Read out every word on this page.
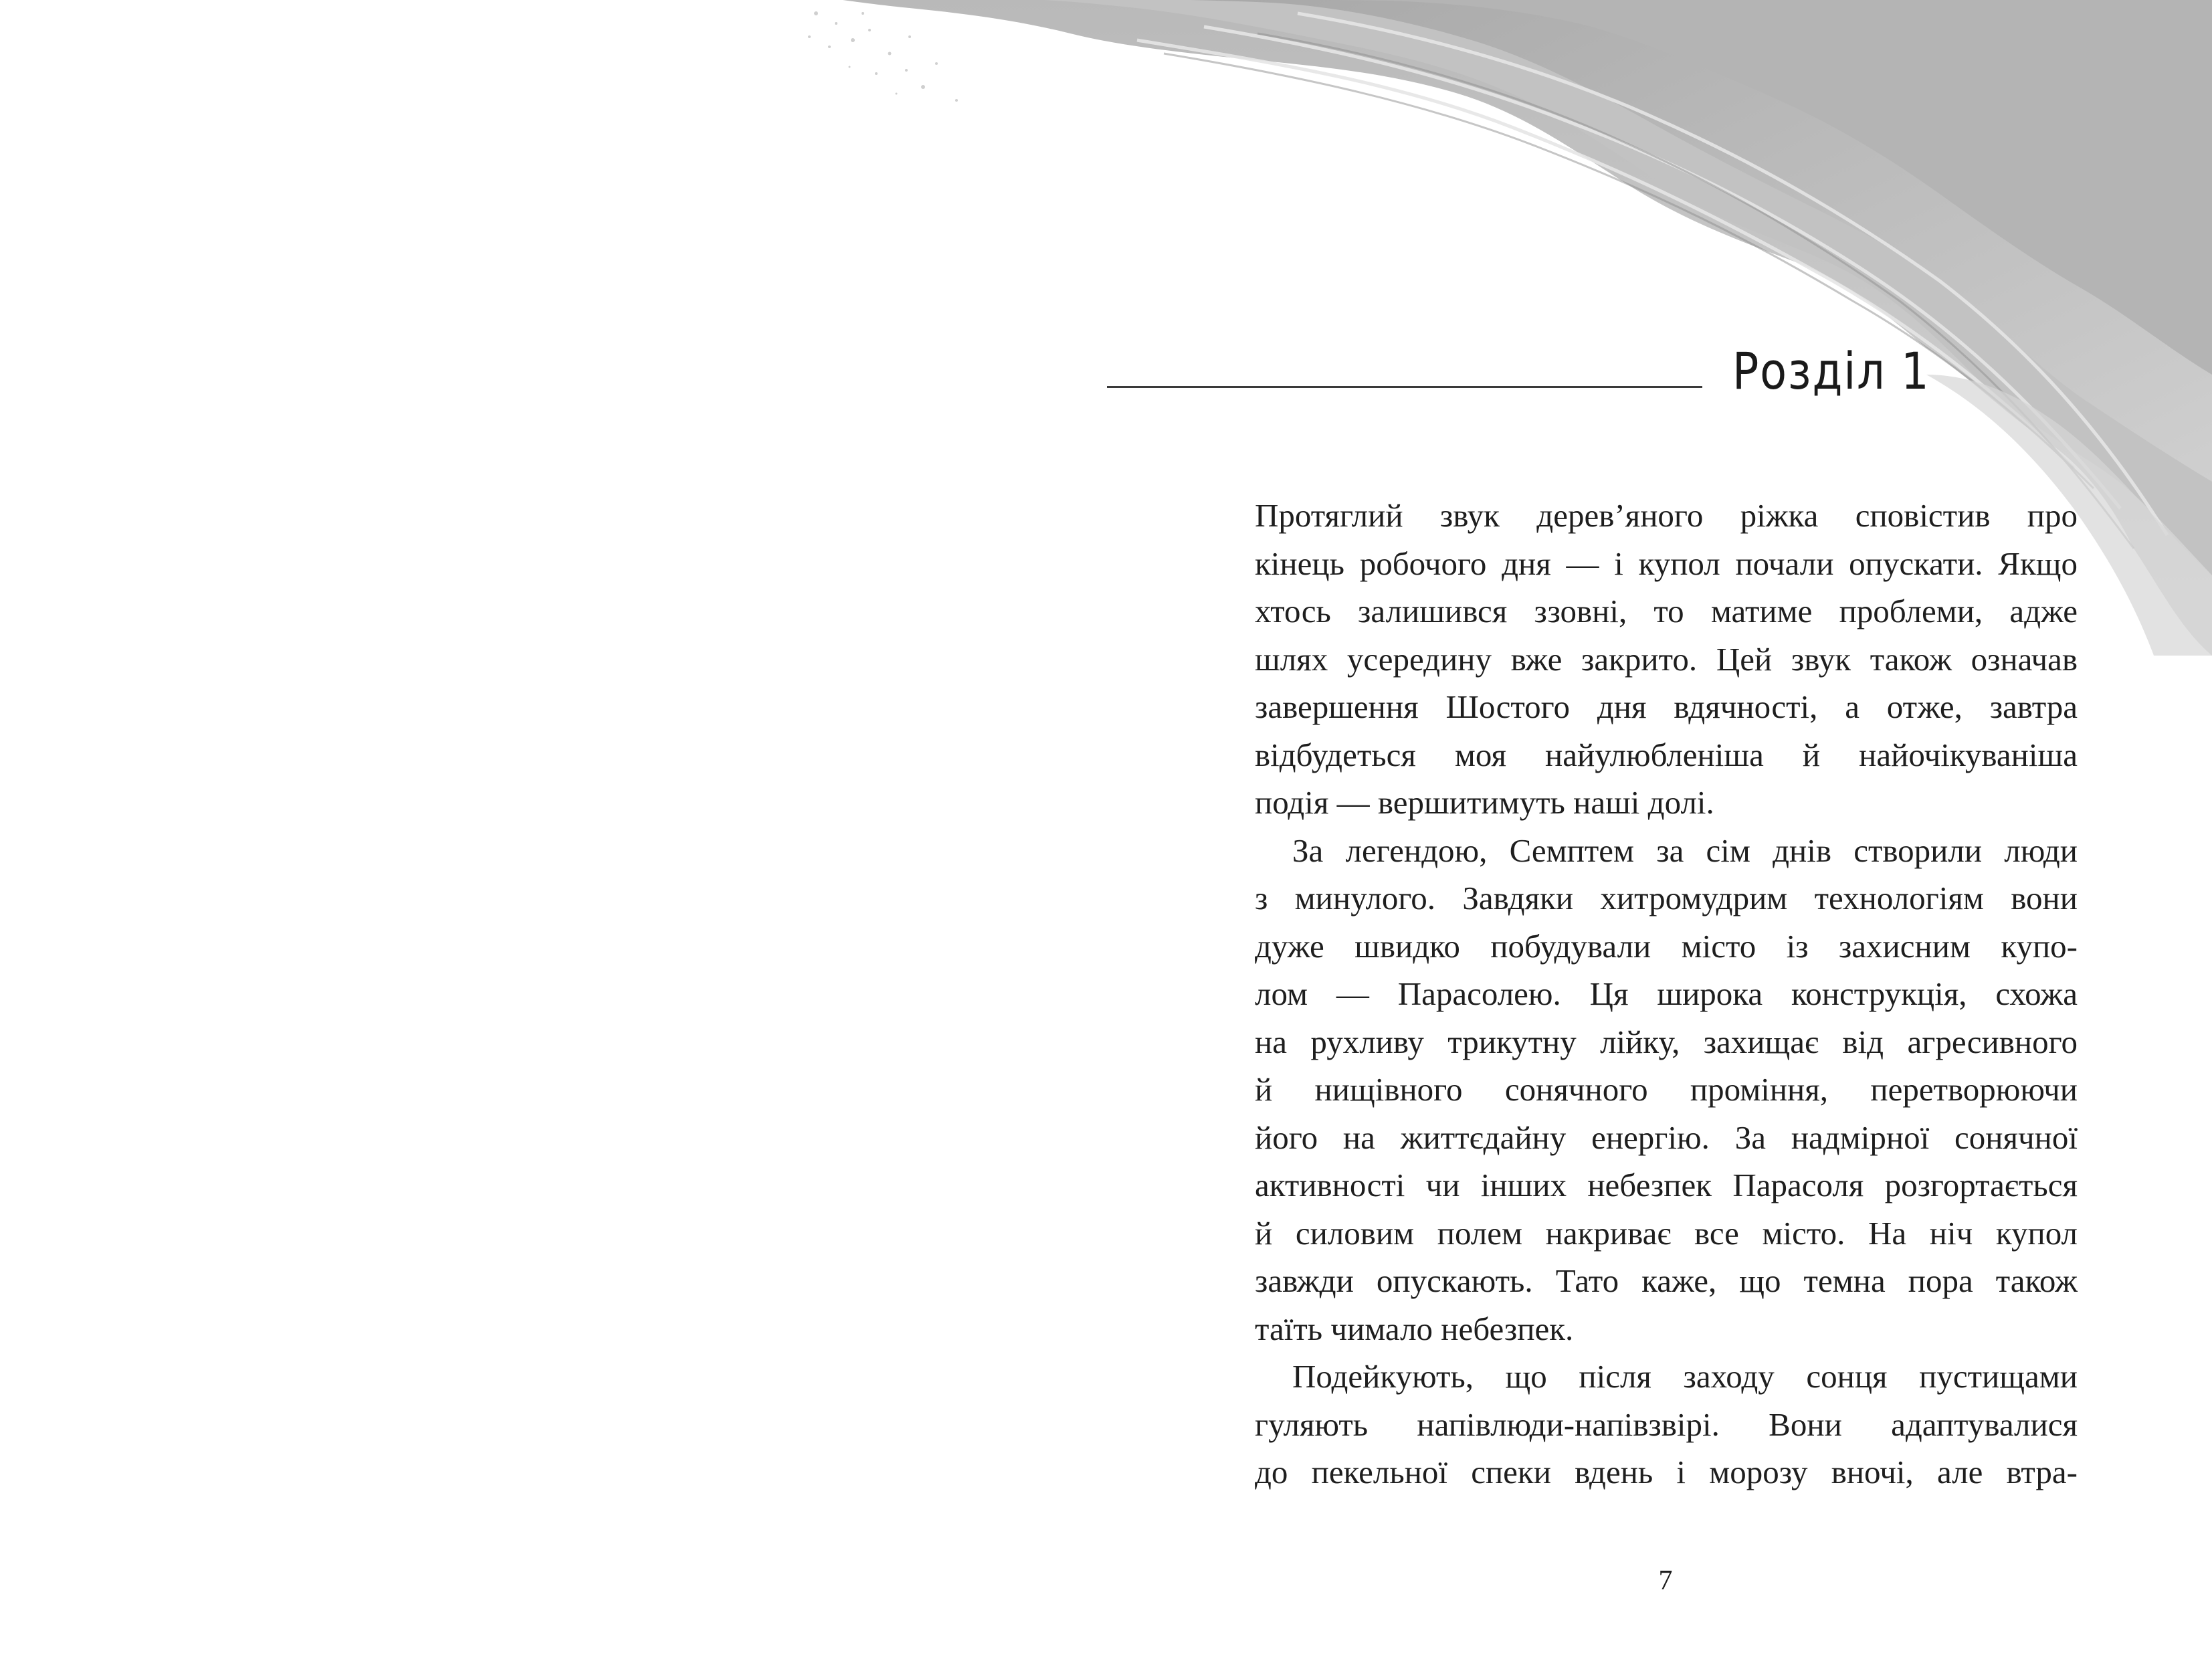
Розділ 1

Протяглий звук дерев’яного ріжка сповістив про
кінець робочого дня — і купол почали опускати. Якщо
хтось залишився ззовні, то матиме проблеми, адже
шлях усередину вже закрито. Цей звук також означав
завершення Шостого дня вдячності, а отже, завтра
відбудеться моя найулюбленіша й найочікуваніша
подія — вершитимуть наші долі.

За легендою, Семптем за сім днів створили люди
з минулого. Завдяки хитромудрим технологіям вони
дуже швидко побудували місто із захисним купо-
лом — Парасолею. Ця широка конструкція, схожа
на рухливу трикутну лійку, захищає від агресивного
й нищівного сонячного проміння, перетворюючи
його на життєдайну енергію. За надмірної сонячної
активності чи інших небезпек Парасоля розгортається
й силовим полем накриває все місто. На ніч купол
завжди опускають. Тато каже, що темна пора також
таїть чимало небезпек.

Подейкують, що після заходу сонця пустищами
гуляють напівлюди-напівзвірі. Вони адаптувалися
до пекельної спеки вдень і морозу вночі, але втра-

7
